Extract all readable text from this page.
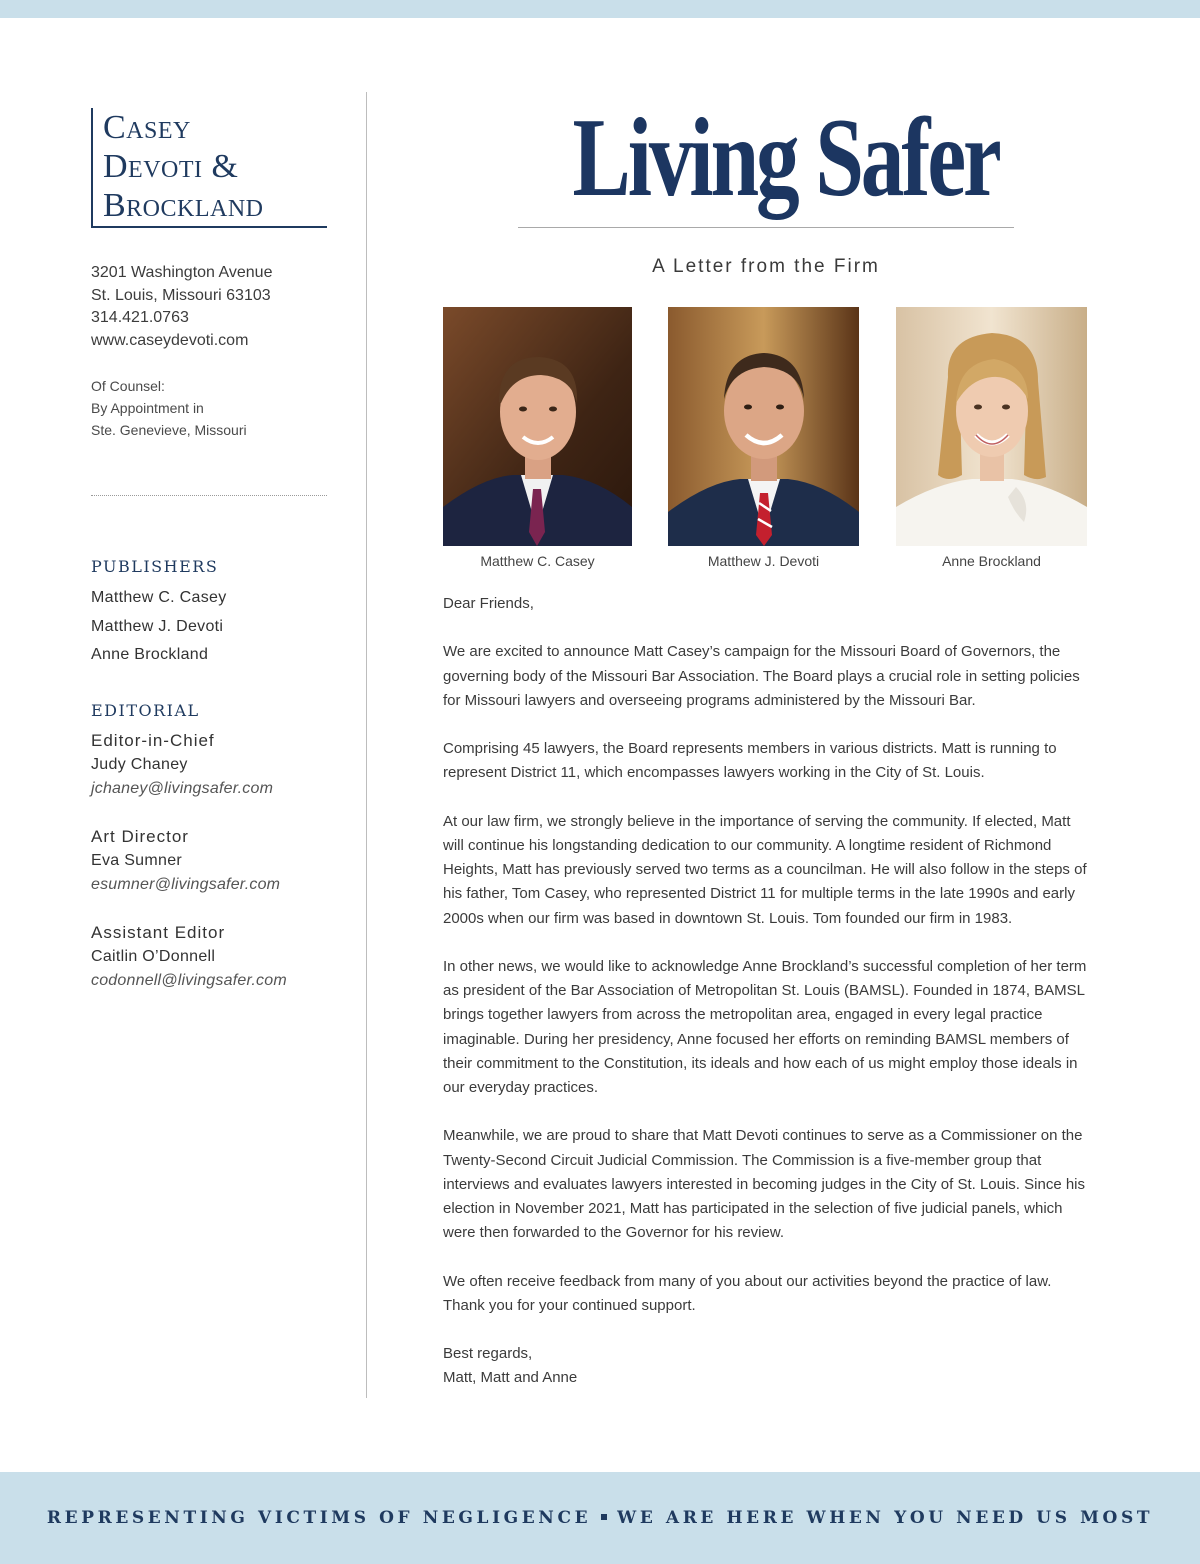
Casey
Devoti &
Brockland
3201 Washington Avenue
St. Louis, Missouri 63103
314.421.0763
www.caseydevoti.com
Of Counsel:
By Appointment in
Ste. Genevieve, Missouri
PUBLISHERS
Matthew C. Casey
Matthew J. Devoti
Anne Brockland
EDITORIAL
Editor-in-Chief
Judy Chaney
jchaney@livingsafer.com
Art Director
Eva Sumner
esumner@livingsafer.com
Assistant Editor
Caitlin O’Donnell
codonnell@livingsafer.com
Living Safer
A Letter from the Firm
Matthew C. Casey	Matthew J. Devoti	Anne Brockland

Dear Friends,

We are excited to announce Matt Casey’s campaign for the Missouri Board of Governors, the governing body of the Missouri Bar Association. The Board plays a crucial role in setting policies for Missouri lawyers and overseeing programs administered by the Missouri Bar.

Comprising 45 lawyers, the Board represents members in various districts. Matt is running to represent District 11, which encompasses lawyers working in the City of St. Louis.

At our law firm, we strongly believe in the importance of serving the community. If elected, Matt will continue his longstanding dedication to our community. A longtime resident of Richmond Heights, Matt has previously served two terms as a councilman. He will also follow in the steps of his father, Tom Casey, who represented District 11 for multiple terms in the late 1990s and early 2000s when our firm was based in downtown St. Louis. Tom founded our firm in 1983.

In other news, we would like to acknowledge Anne Brockland’s successful completion of her term as president of the Bar Association of Metropolitan St. Louis (BAMSL). Founded in 1874, BAMSL brings together lawyers from across the metropolitan area, engaged in every legal practice imaginable. During her presidency, Anne focused her efforts on reminding BAMSL members of their commitment to the Constitution, its ideals and how each of us might employ those ideals in our everyday practices.

Meanwhile, we are proud to share that Matt Devoti continues to serve as a Commissioner on the Twenty-Second Circuit Judicial Commission. The Commission is a five-member group that interviews and evaluates lawyers interested in becoming judges in the City of St. Louis. Since his election in November 2021, Matt has participated in the selection of five judicial panels, which were then forwarded to the Governor for his review.

We often receive feedback from many of you about our activities beyond the practice of law. Thank you for your continued support.

Best regards,

Matt, Matt and Anne

REPRESENTING VICTIMS OF NEGLIGENCE WE ARE HERE WHEN YOU NEED US MOST
